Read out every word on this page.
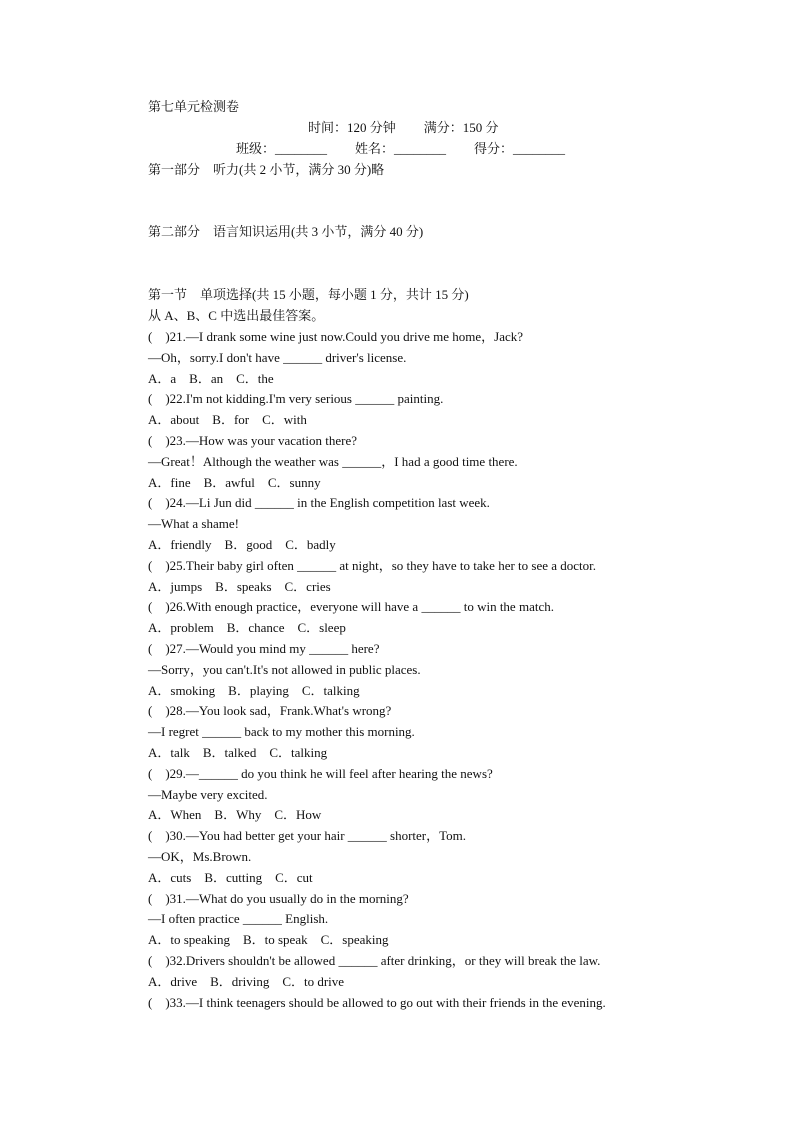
第七单元检测卷
时间：120 分钟 满分：150 分
班级：________ 姓名：________ 得分：________
第一部分　听力(共 2 小节，满分 30 分)略
第二部分　语言知识运用(共 3 小节，满分 40 分)
第一节　单项选择(共 15 小题，每小题 1 分，共计 15 分)
从 A、B、C 中选出最佳答案。
(　)21.—I drank some wine just now.Could you drive me home，Jack?
—Oh，sorry.I don't have ______ driver's license.
A．a　B．an　C．the
(　)22.I'm not kidding.I'm very serious ______ painting.
A．about　B．for　C．with
(　)23.—How was your vacation there?
—Great！Although the weather was ______，I had a good time there.
A．fine　B．awful　C．sunny
(　)24.—Li Jun did ______ in the English competition last week.
—What a shame!
A．friendly　B．good　C．badly
(　)25.Their baby girl often ______ at night，so they have to take her to see a doctor.
A．jumps　B．speaks　C．cries
(　)26.With enough practice，everyone will have a ______ to win the match.
A．problem　B．chance　C．sleep
(　)27.—Would you mind my ______ here?
—Sorry，you can't.It's not allowed in public places.
A．smoking　B．playing　C．talking
(　)28.—You look sad，Frank.What's wrong?
—I regret ______ back to my mother this morning.
A．talk　B．talked　C．talking
(　)29.—______ do you think he will feel after hearing the news?
—Maybe very excited.
A．When　B．Why　C．How
(　)30.—You had better get your hair ______ shorter，Tom.
—OK，Ms.Brown.
A．cuts　B．cutting　C．cut
(　)31.—What do you usually do in the morning?
—I often practice ______ English.
A．to speaking　B．to speak　C．speaking
(　)32.Drivers shouldn't be allowed ______ after drinking，or they will break the law.
A．drive　B．driving　C．to drive
(　)33.—I think teenagers should be allowed to go out with their friends in the evening.
